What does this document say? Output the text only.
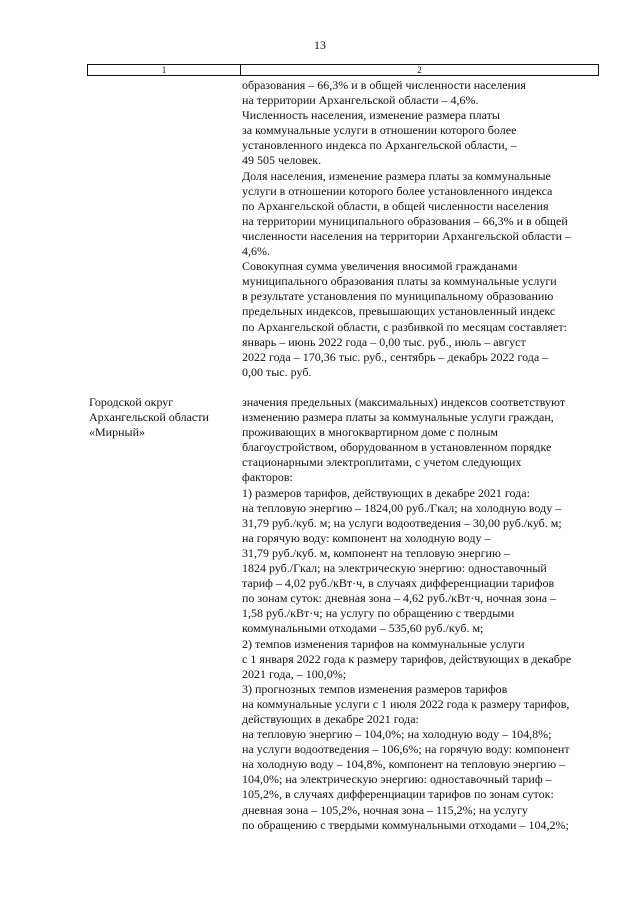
13
1	2
образования – 66,3% и в общей численности населения
на территории Архангельской области – 4,6%.
Численность населения, изменение размера платы
за коммунальные услуги в отношении которого более
установленного индекса по Архангельской области, –
49 505 человек.
Доля населения, изменение размера платы за коммунальные
услуги в отношении которого более установленного индекса
по Архангельской области, в общей численности населения
на территории муниципального образования – 66,3% и в общей
численности населения на территории Архангельской области –
4,6%.
Совокупная сумма увеличения вносимой гражданами
муниципального образования платы за коммунальные услуги
в результате установления по муниципальному образованию
предельных индексов, превышающих установленный индекс
по Архангельской области, с разбивкой по месяцам составляет:
январь – июнь 2022 года – 0,00 тыс. руб., июль – август
2022 года – 170,36 тыс. руб., сентябрь – декабрь 2022 года –
0,00 тыс. руб.
Городской округ
Архангельской области
«Мирный»
значения предельных (максимальных) индексов соответствуют
изменению размера платы за коммунальные услуги граждан,
проживающих в многоквартирном доме с полным
благоустройством, оборудованном в установленном порядке
стационарными электроплитами, с учетом следующих
факторов:
1) размеров тарифов, действующих в декабре 2021 года:
на тепловую энергию – 1824,00 руб./Гкал; на холодную воду –
31,79 руб./куб. м; на услуги водоотведения – 30,00 руб./куб. м;
на горячую воду: компонент на холодную воду –
31,79 руб./куб. м, компонент на тепловую энергию –
1824 руб./Гкал; на электрическую энергию: одноставочный
тариф – 4,02 руб./кВт·ч, в случаях дифференциации тарифов
по зонам суток: дневная зона – 4,62 руб./кВт·ч, ночная зона –
1,58 руб./кВт·ч; на услугу по обращению с твердыми
коммунальными отходами – 535,60 руб./куб. м;
2) темпов изменения тарифов на коммунальные услуги
с 1 января 2022 года к размеру тарифов, действующих в декабре
2021 года, – 100,0%;
3) прогнозных темпов изменения размеров тарифов
на коммунальные услуги с 1 июля 2022 года к размеру тарифов,
действующих в декабре 2021 года:
на тепловую энергию – 104,0%; на холодную воду – 104,8%;
на услуги водоотведения – 106,6%; на горячую воду: компонент
на холодную воду – 104,8%, компонент на тепловую энергию –
104,0%; на электрическую энергию: одноставочный тариф –
105,2%, в случаях дифференциации тарифов по зонам суток:
дневная зона – 105,2%, ночная зона – 115,2%; на услугу
по обращению с твердыми коммунальными отходами – 104,2%;
